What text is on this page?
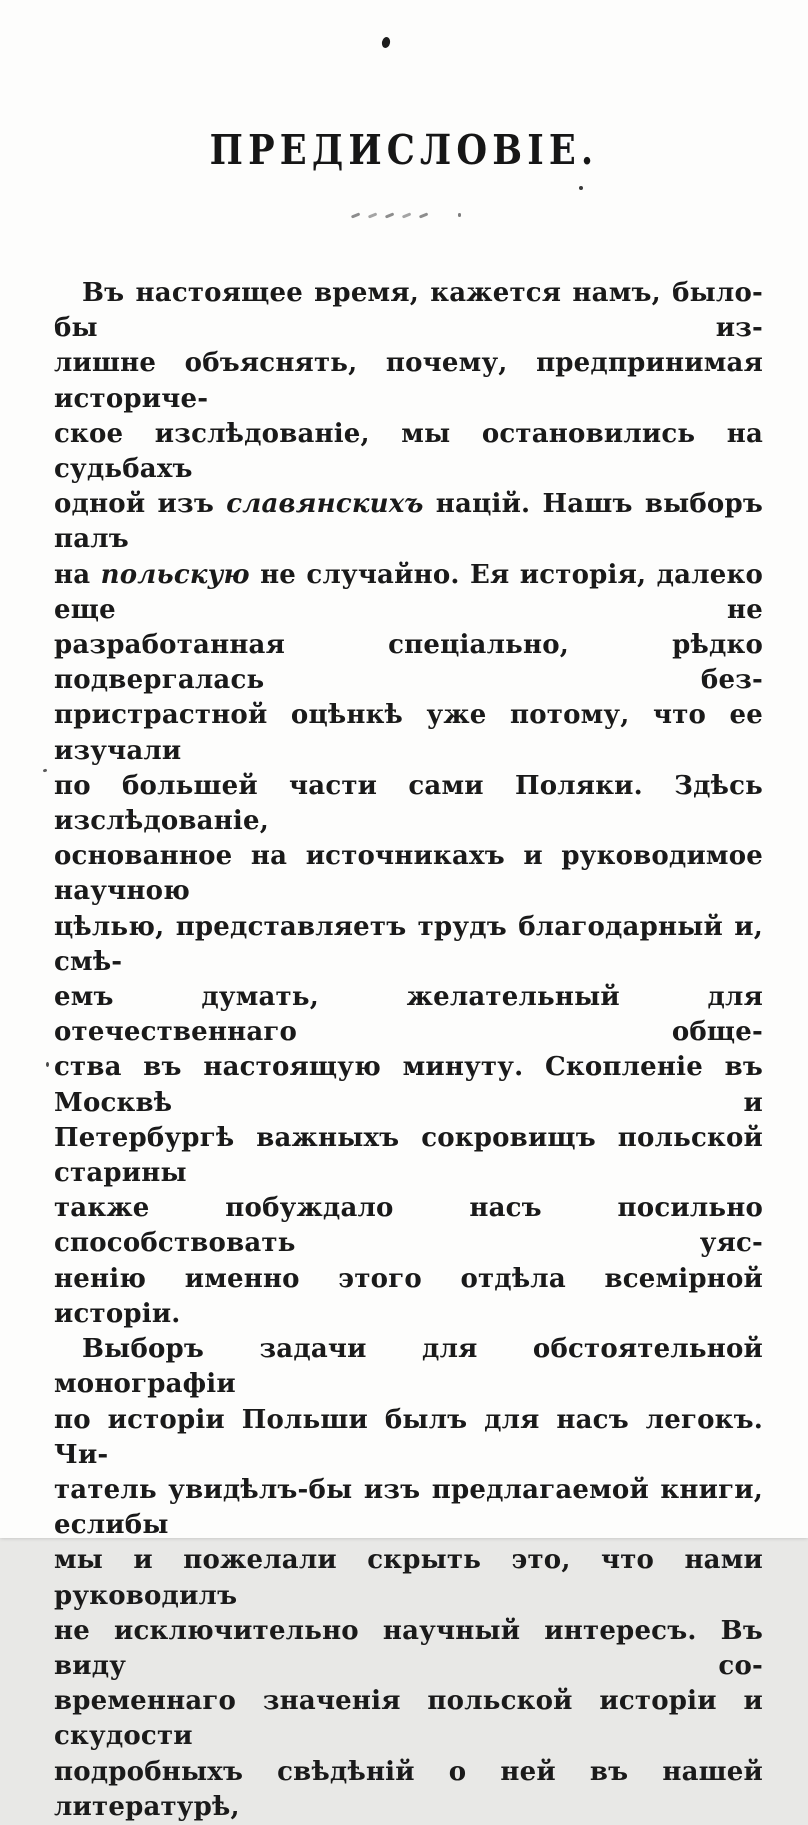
ПРЕДИСЛОВІЕ.

Въ настоящее время, кажется намъ, было-бы из-

лишне объяснять, почему, предпринимая историче-

ское изслѣдованіе, мы остановились на судьбахъ

одной изъ славянскихъ націй. Нашъ выборъ палъ

на польскую не случайно. Ея исторія, далеко еще не

разработанная спеціально, рѣдко подвергалась без-

пристрастной оцѣнкѣ уже потому, что ее изучали

по большей части сами Поляки. Здѣсь изслѣдованіе,

основанное на источникахъ и руководимое научною

цѣлью, представляетъ трудъ благодарный и, смѣ-

емъ думать, желательный для отечественнаго обще-

ства въ настоящую минуту. Скопленіе въ Москвѣ и

Петербургѣ важныхъ сокровищъ польской старины

также побуждало насъ посильно способствовать уяс-

ненію именно этого отдѣла всемірной исторіи.

Выборъ задачи для обстоятельной монографіи

по исторіи Польши былъ для насъ легокъ. Чи-

татель увидѣлъ-бы изъ предлагаемой книги, еслибы

мы и пожелали скрыть это, что нами руководилъ

не исключительно научный интересъ. Въ виду со-

временнаго значенія польской исторіи и скудости

подробныхъ свѣдѣній о ней въ нашей литературѣ,
